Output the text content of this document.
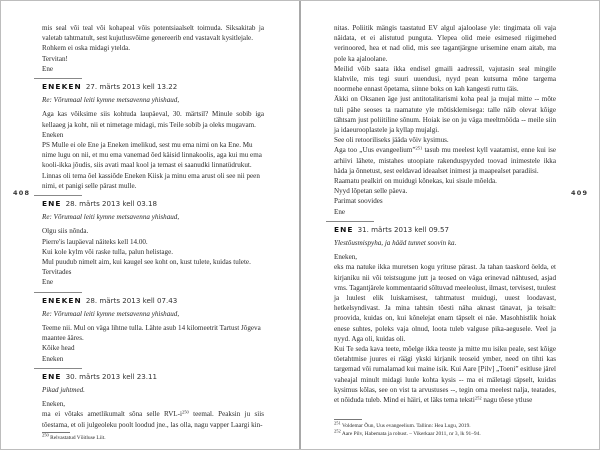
408

mis seal või teal või kohapeal võis potentsiaalselt toimuda. Siksakitab ja valetab tahtmatult, sest kujutlusvõime genereerib end vastavalt kysitlejale.

Rohkem ei oska midagi ytelda.

Tervitan!

Ene

ENEKEN 27. märts 2013 kell 13.22
Re: Võrumaal leiti kymne metsavenna yhishaud,

Aga kas võiksime siis kohtuda laupäeval, 30. märtsil? Minule sobib iga kellaaeg ja koht, nii et nimetage midagi, mis Teile sobib ja oleks mugavam.

Eneken

PS Mulle ei ole Ene ja Eneken imelikud, sest mu ema nimi on ka Ene. Mu nime lugu on nii, et mu ema vanemad õed käisid linnakoolis, aga kui mu ema kooli-ikka jõudis, siis avati maal kool ja temast ei saanudki linnatüdrukut. Linnas oli tema õel kassiõde Eneken Kiisk ja minu ema arust oli see nii peen nimi, et panigi selle pärast mulle.

ENE 28. märts 2013 kell 03.18
Re: Võrumaal leiti kymne metsavenna yhishaud,

Olgu siis nõnda.

Pierre'is laupäeval näiteks kell 14.00.

Kui kole kylm või raske tulla, palun helistage.

Mul puudub nimelt aim, kui kaugel see koht on, kust tulete, kuidas tulete.

Tervitades

Ene

ENEKEN 28. märts 2013 kell 07.43
Re: Võrumaal leiti kymne metsavenna yhishaud,

Teeme nii. Mul on väga lihtne tulla. Lähte asub 14 kilomeetrit Tartust Jõgeva maantee ääres.

Kõike head

Eneken

ENE 30. märts 2013 kell 23.11
Pikad juhtmed.

Eneken,

ma ei võtaks ametlikumalt sõna selle RVL-$i^{250}$ teemal. Peaksin ju siis tõestama, et oli julgeoleku poolt loodud jne., las olla, nagu vapper Laargi kin-

$^{250}$ Relvastatud Võitluse Liit.

409

nitas. Poliitik mängis taastatud EV algul ajaloolase yle: tingimata oli vaja näidata, et ei alistutud punguta. Ylepea olid meie esimesed riigimehed verinoored, hea et nad olid, mis see tagantjärgne urisemine enam aitab, ma pole ka ajaloolane.

Meilid võib saata ikka endisel gmaili aadressil, vajutasin seal mingile klahvile, mis tegi suuri uuendusi, nyyd pean kutsuma mõne targema noormehe ennast õpetama, siinne boks on kah kangesti ruttu täis.

Äkki on Oksanen äge just antitotalitarismi koha peal ja mujal mitte -- mõte tuli pähe seoses ta raamatute yle mõtisklemisega: talle näib olevat kõige tähtsam just poliitiline sõnum. Hoiak ise on ju väga meeltmööda -- meile siin ja idaeurooplastele ja kyllap mujalgi.

See oli retooriliseks jääda võiv kysimus.

Aga too „Uus evangeelium”$^{251}$ tasub mu meelest kyll vaatamist, enne kui ise arhiivi lähete, mistahes utoopiate rakenduspyyded toovad inimestele ikka häda ja õnnetust, sest eeldavad ideaalset inimest ja maapealset paradiisi.

Raamatu pealkiri on muidugi kõnekas, kui sisule mõelda.

Nyyd lõpetan selle päeva.

Parimat soovides

Ene

ENE 31. märts 2013 kell 09.57
Ylestõusmispyha, ja hääd tunnet soovin ka.

Eneken,

eks ma natuke ikka muretsen kogu yrituse pärast. Ja tahan taaskord öelda, et kirjaniku nii või teistsugune jutt ja teosed on väga erinevad nähtused, asjad vms. Tagantjärele kommentaarid sõltuvad meeleolust, ilmast, tervisest, tuulest ja luulest elik luiskamisest, tahtmatust muidugi, uuest loodavast, hetkelsyndivast. Ja mina tahtsin tõesti näha aknast tänavat, ja teisalt: proovida, kuidas on, kui kõnelejat enam täpselt ei näe. Masohhistlik hoiak enese suhtes, poleks vaja olnud, loota tuleb valguse pika-aegusele. Veel ja nyyd. Aga oli, kuidas oli.

Kui Te seda kava teete, mõelge ikka teoste ja mitte mu isiku peale, sest kõige tõetahtmise juures ei räägi ykski kirjanik teoseid ymber, need on tihti kas targemad või rumalamad kui maine isik. Kui Aare [Pilv] „Toeni” esitluse järel vaheajal minult midagi luule kohta kysis -- ma ei mäletagi täpselt, kuidas kysimus kõlas, see on vist ta arvustuses --, tegin oma meelest nalja, teatades, et nõiduda tuleb. Mind ei häiri, et läks tema teksti$^{252}$ nagu tõese ytluse

$^{251}$ Voldemar Õun, Uus evangeelium. Tallinn: Hea Lugu, 2019.

$^{252}$ Aare Pilv, Habemata ja robust. – Vikerkaar 2011, nr 3, lk 91–94.
